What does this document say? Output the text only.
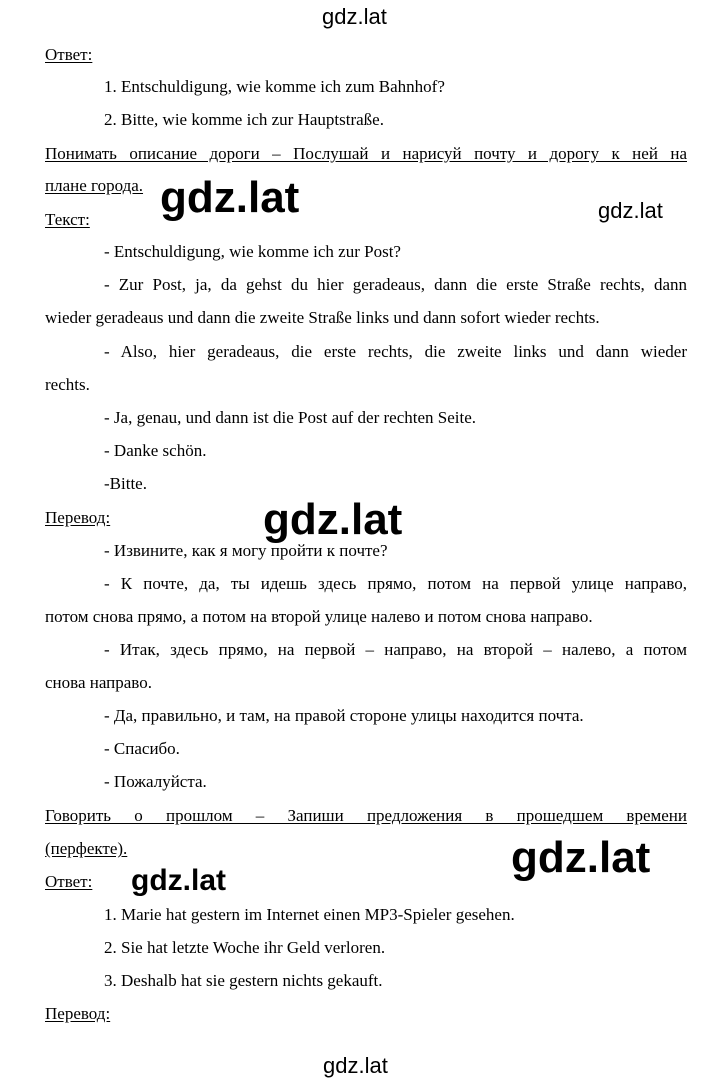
gdz.lat
gdz.lat	gdz.lat
gdz.lat
gdz.lat
gdz.lat
gdz.lat
Ответ:
1. Entschuldigung, wie komme ich zum Bahnhof?
2. Bitte, wie komme ich zur Hauptstraße.
Понимать описание дороги – Послушай и нарисуй почту и дорогу к ней на
плане города.
Текст:
- Entschuldigung, wie komme ich zur Post?
- Zur Post, ja, da gehst du hier geradeaus, dann die erste Straße rechts, dann
wieder geradeaus und dann die zweite Straße links und dann sofort wieder rechts.
- Also, hier geradeaus, die erste rechts, die zweite links und dann wieder
rechts.
- Ja, genau, und dann ist die Post auf der rechten Seite.
- Danke schön.
-Bitte.
Перевод:
- Извините, как я могу пройти к почте?
- К почте, да, ты идешь здесь прямо, потом на первой улице направо,
потом снова прямо, а потом на второй улице налево и потом снова направо.
- Итак, здесь прямо, на первой – направо, на второй – налево, а потом
снова направо.
- Да, правильно, и там, на правой стороне улицы находится почта.
- Спасибо.
- Пожалуйста.
Говорить о прошлом – Запиши предложения в прошедшем времени
(перфекте).
Ответ:
1. Marie hat gestern im Internet einen MP3-Spieler gesehen.
2. Sie hat letzte Woche ihr Geld verloren.
3. Deshalb hat sie gestern nichts gekauft.
Перевод:
